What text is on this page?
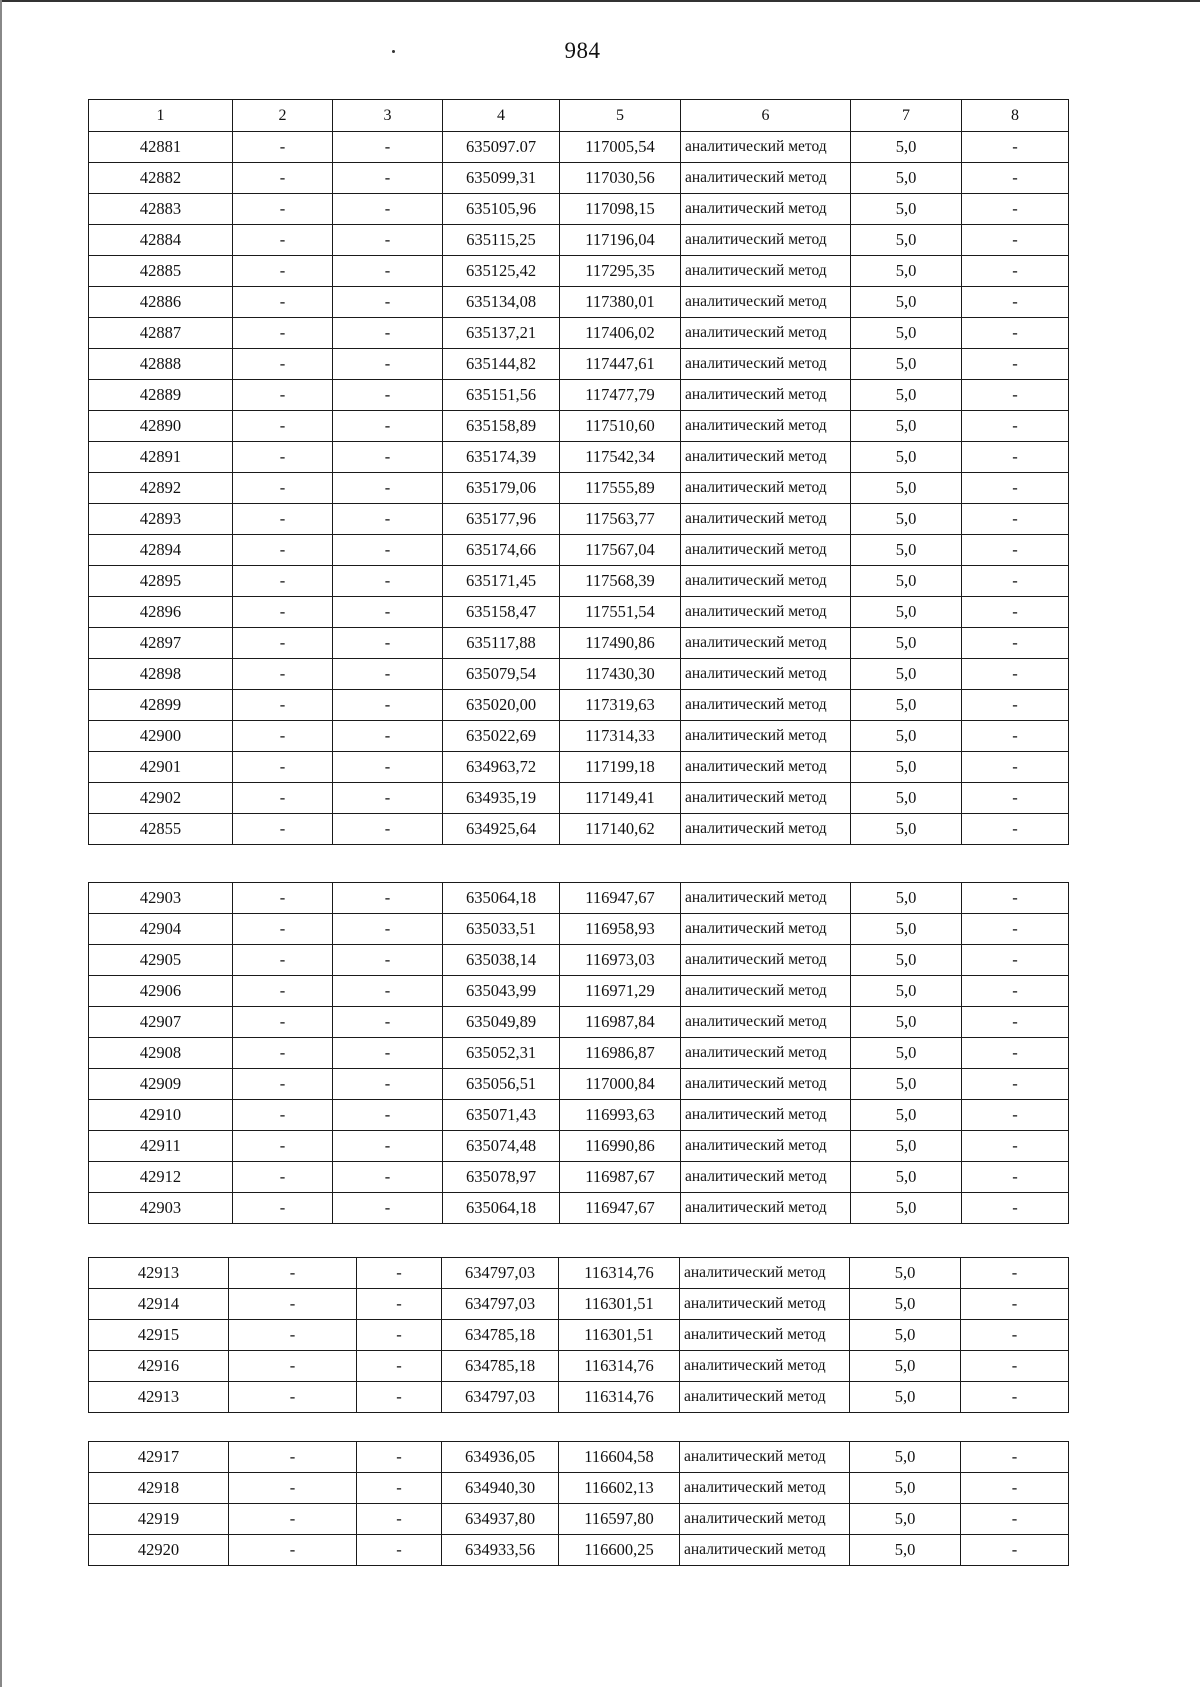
984
1	2	3	4	5	6	7	8
42881	-	-	635097.07	117005,54	аналитический метод	5,0	-
42882	-	-	635099,31	117030,56	аналитический метод	5,0	-
42883	-	-	635105,96	117098,15	аналитический метод	5,0	-
42884	-	-	635115,25	117196,04	аналитический метод	5,0	-
42885	-	-	635125,42	117295,35	аналитический метод	5,0	-
42886	-	-	635134,08	117380,01	аналитический метод	5,0	-
42887	-	-	635137,21	117406,02	аналитический метод	5,0	-
42888	-	-	635144,82	117447,61	аналитический метод	5,0	-
42889	-	-	635151,56	117477,79	аналитический метод	5,0	-
42890	-	-	635158,89	117510,60	аналитический метод	5,0	-
42891	-	-	635174,39	117542,34	аналитический метод	5,0	-
42892	-	-	635179,06	117555,89	аналитический метод	5,0	-
42893	-	-	635177,96	117563,77	аналитический метод	5,0	-
42894	-	-	635174,66	117567,04	аналитический метод	5,0	-
42895	-	-	635171,45	117568,39	аналитический метод	5,0	-
42896	-	-	635158,47	117551,54	аналитический метод	5,0	-
42897	-	-	635117,88	117490,86	аналитический метод	5,0	-
42898	-	-	635079,54	117430,30	аналитический метод	5,0	-
42899	-	-	635020,00	117319,63	аналитический метод	5,0	-
42900	-	-	635022,69	117314,33	аналитический метод	5,0	-
42901	-	-	634963,72	117199,18	аналитический метод	5,0	-
42902	-	-	634935,19	117149,41	аналитический метод	5,0	-
42855	-	-	634925,64	117140,62	аналитический метод	5,0	-
42903	-	-	635064,18	116947,67	аналитический метод	5,0	-
42904	-	-	635033,51	116958,93	аналитический метод	5,0	-
42905	-	-	635038,14	116973,03	аналитический метод	5,0	-
42906	-	-	635043,99	116971,29	аналитический метод	5,0	-
42907	-	-	635049,89	116987,84	аналитический метод	5,0	-
42908	-	-	635052,31	116986,87	аналитический метод	5,0	-
42909	-	-	635056,51	117000,84	аналитический метод	5,0	-
42910	-	-	635071,43	116993,63	аналитический метод	5,0	-
42911	-	-	635074,48	116990,86	аналитический метод	5,0	-
42912	-	-	635078,97	116987,67	аналитический метод	5,0	-
42903	-	-	635064,18	116947,67	аналитический метод	5,0	-
42913	-	-	634797,03	116314,76	аналитический метод	5,0	-
42914	-	-	634797,03	116301,51	аналитический метод	5,0	-
42915	-	-	634785,18	116301,51	аналитический метод	5,0	-
42916	-	-	634785,18	116314,76	аналитический метод	5,0	-
42913	-	-	634797,03	116314,76	аналитический метод	5,0	-
42917	-	-	634936,05	116604,58	аналитический метод	5,0	-
42918	-	-	634940,30	116602,13	аналитический метод	5,0	-
42919	-	-	634937,80	116597,80	аналитический метод	5,0	-
42920	-	-	634933,56	116600,25	аналитический метод	5,0	-
